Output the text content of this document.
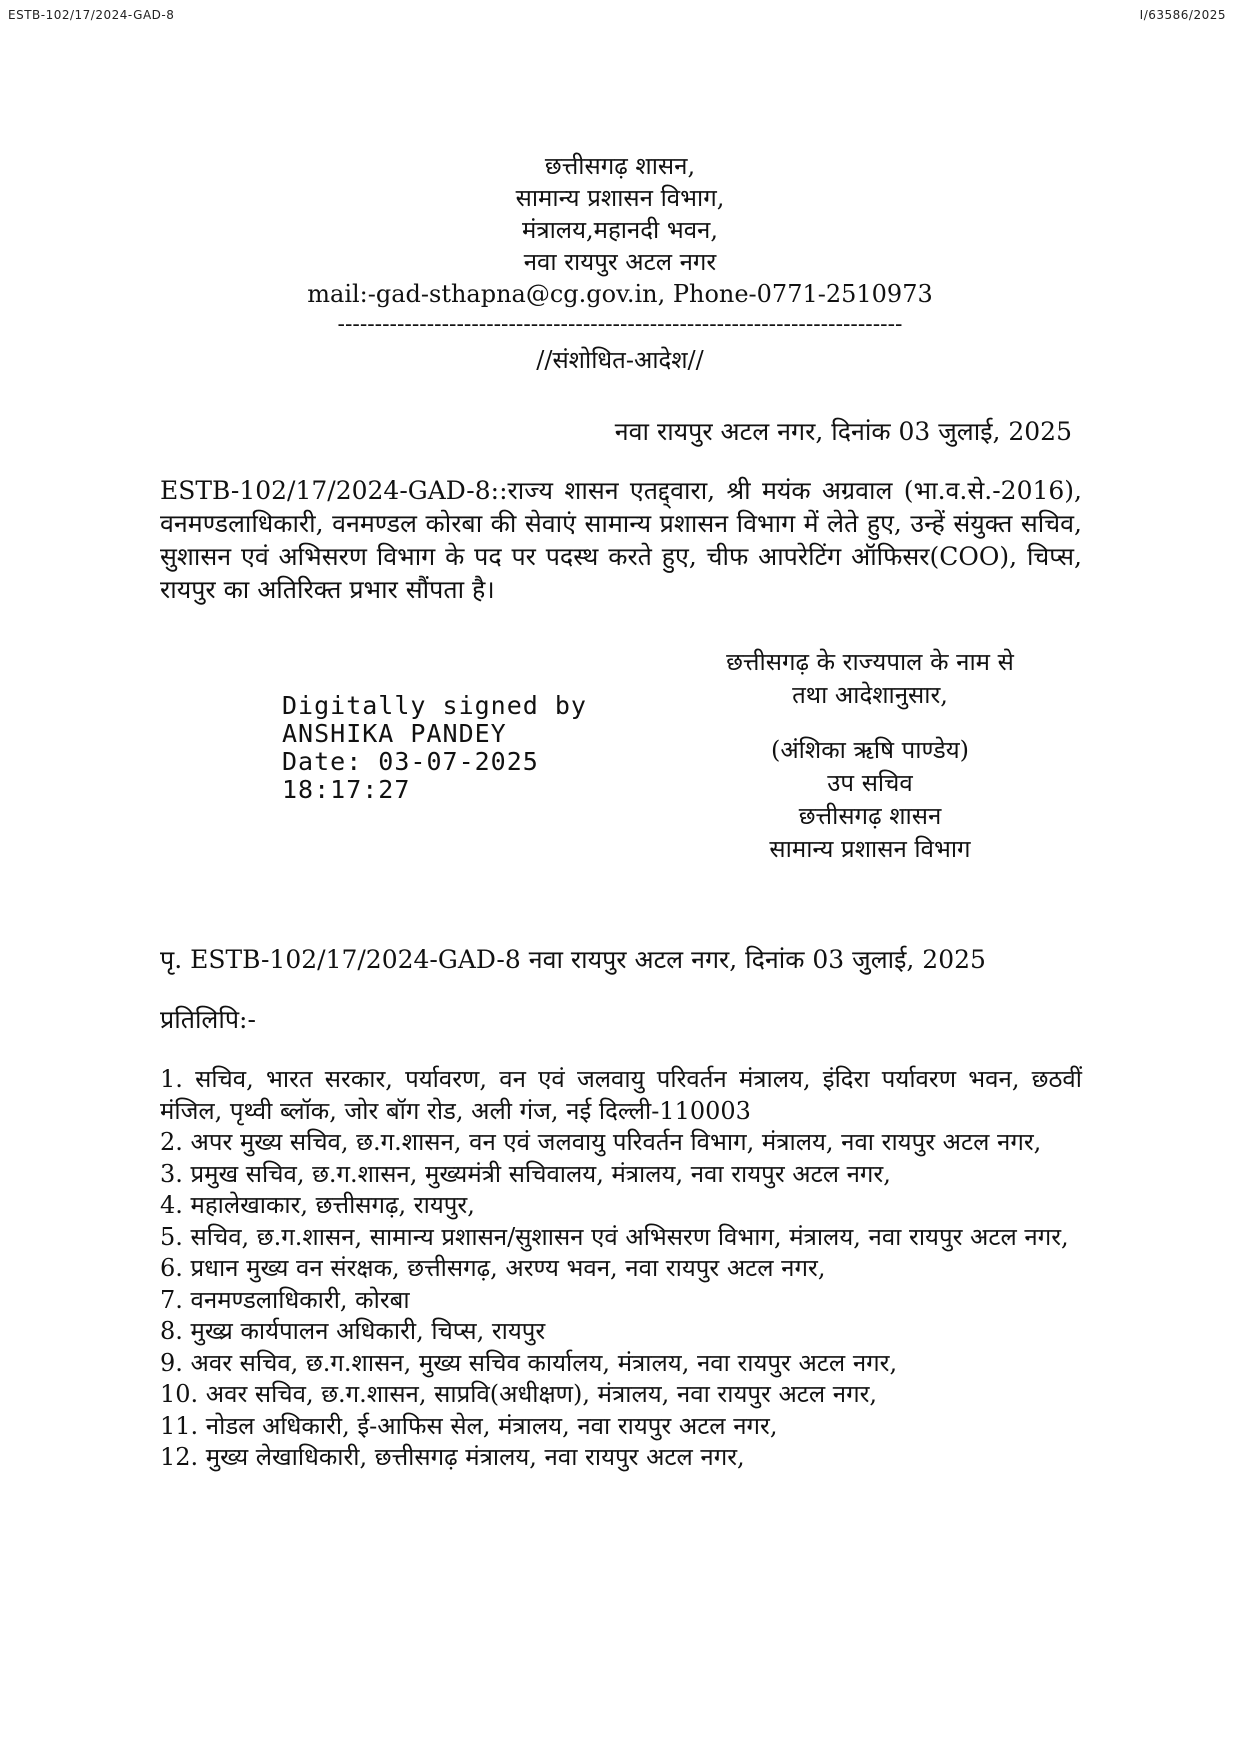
ESTB-102/17/2024-GAD-8	I/63586/2025
छत्तीसगढ़ शासन,
सामान्य प्रशासन विभाग,
मंत्रालय,महानदी भवन,
नवा रायपुर अटल नगर
mail:-gad-sthapna@cg.gov.in, Phone-0771-2510973
----------------------------------------------------------------------------
//संशोधित-आदेश//
नवा रायपुर अटल नगर, दिनांक 03 जुलाई, 2025
ESTB-102/17/2024-GAD-8::राज्य शासन एतद्द्वारा, श्री मयंक अग्रवाल (भा.व.से.-2016), वनमण्डलाधिकारी, वनमण्डल कोरबा की सेवाएं सामान्य प्रशासन विभाग में लेते हुए, उन्हें संयुक्त सचिव, सुशासन एवं अभिसरण विभाग के पद पर पदस्थ करते हुए, चीफ आपरेटिंग ऑफिसर(COO), चिप्स, रायपुर का अतिरिक्त प्रभार सौंपता है।
छत्तीसगढ़ के राज्यपाल के नाम से
तथा आदेशानुसार,
(अंशिका ऋषि पाण्डेय)
उप सचिव
छत्तीसगढ़ शासन
सामान्य प्रशासन विभाग
Digitally signed by
ANSHIKA PANDEY
Date: 03-07-2025
18:17:27
पृ. ESTB-102/17/2024-GAD-8 नवा रायपुर अटल नगर, दिनांक 03 जुलाई, 2025
प्रतिलिपि:-
1. सचिव, भारत सरकार, पर्यावरण, वन एवं जलवायु परिवर्तन मंत्रालय, इंदिरा पर्यावरण भवन, छठवीं मंजिल, पृथ्वी ब्लॉक, जोर बॉग रोड, अली गंज, नई दिल्ली-110003
2. अपर मुख्य सचिव, छ.ग.शासन, वन एवं जलवायु परिवर्तन विभाग, मंत्रालय, नवा रायपुर अटल नगर,
3. प्रमुख सचिव, छ.ग.शासन, मुख्यमंत्री सचिवालय, मंत्रालय, नवा रायपुर अटल नगर,
4. महालेखाकार, छत्तीसगढ़, रायपुर,
5. सचिव, छ.ग.शासन, सामान्य प्रशासन/सुशासन एवं अभिसरण विभाग, मंत्रालय, नवा रायपुर अटल नगर,
6. प्रधान मुख्य वन संरक्षक, छत्तीसगढ़, अरण्य भवन, नवा रायपुर अटल नगर,
7. वनमण्डलाधिकारी, कोरबा
8. मुख्य्र कार्यपालन अधिकारी, चिप्स, रायपुर
9. अवर सचिव, छ.ग.शासन, मुख्य सचिव कार्यालय, मंत्रालय, नवा रायपुर अटल नगर,
10. अवर सचिव, छ.ग.शासन, साप्रवि(अधीक्षण), मंत्रालय, नवा रायपुर अटल नगर,
11. नोडल अधिकारी, ई-आफिस सेल, मंत्रालय, नवा रायपुर अटल नगर,
12. मुख्य लेखाधिकारी, छत्तीसगढ़ मंत्रालय, नवा रायपुर अटल नगर,
